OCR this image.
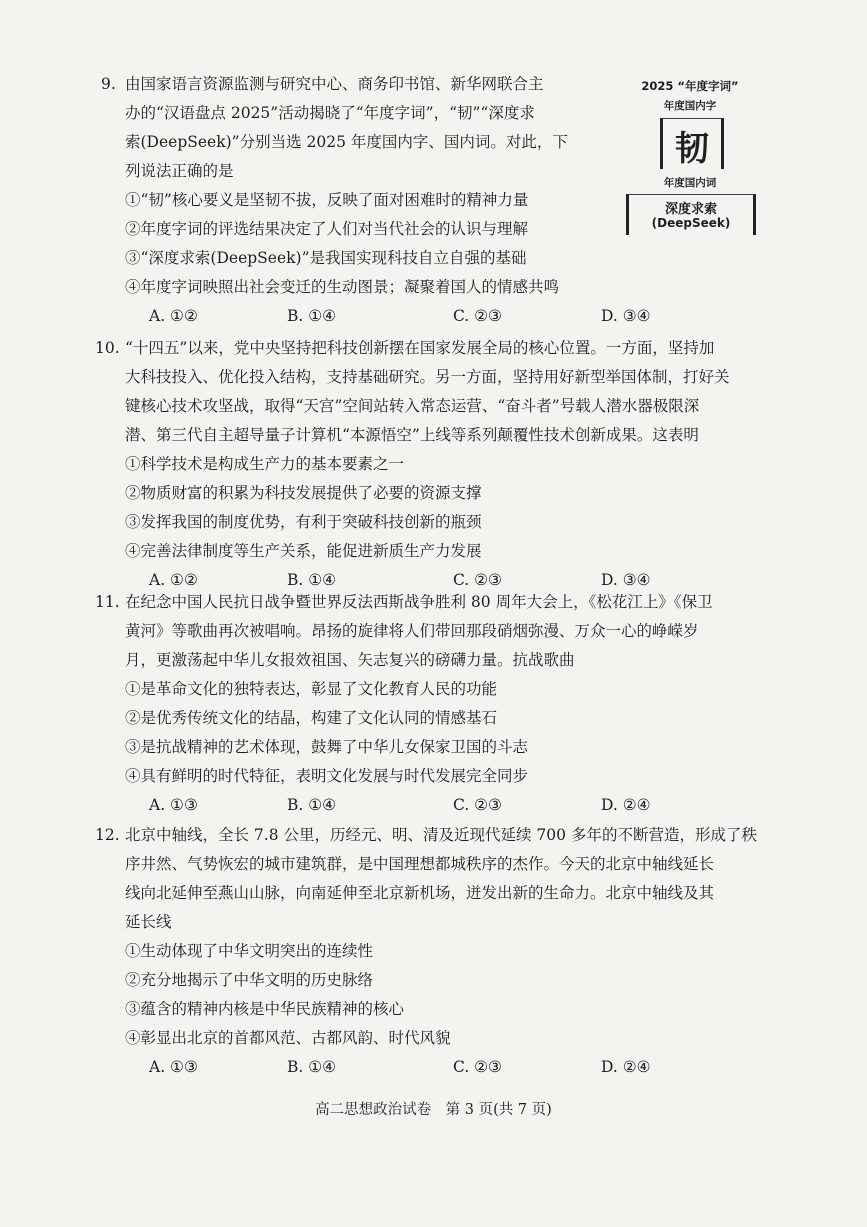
9. 由国家语言资源监测与研究中心、商务印书馆、新华网联合主
办的“汉语盘点 2025”活动揭晓了“年度字词”，“韧”“深度求
索(DeepSeek)”分别当选 2025 年度国内字、国内词。对此，下
列说法正确的是
①“韧”核心要义是坚韧不拔，反映了面对困难时的精神力量
②年度字词的评选结果决定了人们对当代社会的认识与理解
③“深度求索(DeepSeek)”是我国实现科技自立自强的基础
④年度字词映照出社会变迁的生动图景；凝聚着国人的情感共鸣
A. ①②	B. ①④	C. ②③	D. ③④
2025 “年度字词”
年度国内字
韧
年度国内词
深度求索
(DeepSeek)
10. “十四五”以来，党中央坚持把科技创新摆在国家发展全局的核心位置。一方面，坚持加
大科技投入、优化投入结构，支持基础研究。另一方面，坚持用好新型举国体制，打好关
键核心技术攻坚战，取得“天宫”空间站转入常态运营、“奋斗者”号载人潜水器极限深
潜、第三代自主超导量子计算机“本源悟空”上线等系列颠覆性技术创新成果。这表明
①科学技术是构成生产力的基本要素之一
②物质财富的积累为科技发展提供了必要的资源支撑
③发挥我国的制度优势，有利于突破科技创新的瓶颈
④完善法律制度等生产关系，能促进新质生产力发展
A. ①②	B. ①④	C. ②③	D. ③④
11. 在纪念中国人民抗日战争暨世界反法西斯战争胜利 80 周年大会上，《松花江上》《保卫
黄河》等歌曲再次被唱响。昂扬的旋律将人们带回那段硝烟弥漫、万众一心的峥嵘岁
月，更激荡起中华儿女报效祖国、矢志复兴的磅礴力量。抗战歌曲
①是革命文化的独特表达，彰显了文化教育人民的功能
②是优秀传统文化的结晶，构建了文化认同的情感基石
③是抗战精神的艺术体现，鼓舞了中华儿女保家卫国的斗志
④具有鲜明的时代特征，表明文化发展与时代发展完全同步
A. ①③	B. ①④	C. ②③	D. ②④
12. 北京中轴线，全长 7.8 公里，历经元、明、清及近现代延续 700 多年的不断营造，形成了秩
序井然、气势恢宏的城市建筑群，是中国理想都城秩序的杰作。今天的北京中轴线延长
线向北延伸至燕山山脉，向南延伸至北京新机场，迸发出新的生命力。北京中轴线及其
延长线
①生动体现了中华文明突出的连续性
②充分地揭示了中华文明的历史脉络
③蕴含的精神内核是中华民族精神的核心
④彰显出北京的首都风范、古都风韵、时代风貌
A. ①③	B. ①④	C. ②③	D. ②④
高二思想政治试卷　第 3 页(共 7 页)
